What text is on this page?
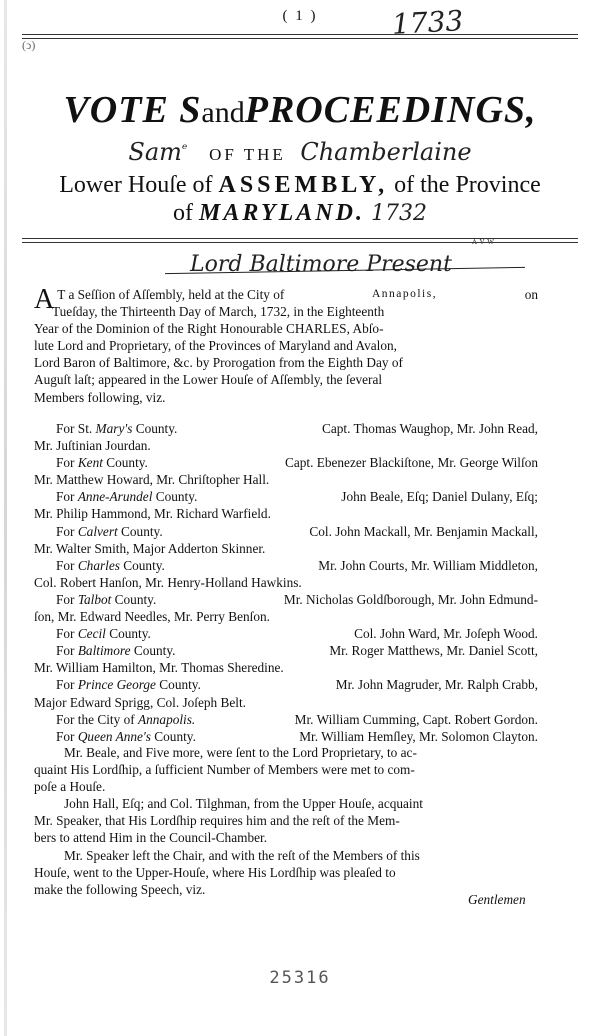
( 1 )	1733
(ↄ)
VOTE SandPROCEEDINGS,
Sam$^ᵉ$ OF THE Chamberlaine
Lower Houſe of ASSEMBLY, of the Province
of MARYLAND. 1732
Lord Baltimore Present
ʌ v w
A T a Seſſion of Aſſembly, held at the City of	Annapolis,	on
Tueſday, the Thirteenth Day of March, 1732, in the Eighteenth
Year of the Dominion of the Right Honourable CHARLES, Abſo-
lute Lord and Proprietary, of the Provinces of Maryland and Avalon,
Lord Baron of Baltimore, &c. by Prorogation from the Eighth Day of
Auguſt laſt; appeared in the Lower Houſe of Aſſembly, the ſeveral
Members following, viz.
For St. Mary's County.	Capt. Thomas Waughop, Mr. John Read,
Mr. Juſtinian Jourdan.
For Kent County.	Capt. Ebenezer Blackiſtone, Mr. George Wilſon
Mr. Matthew Howard, Mr. Chriſtopher Hall.
For Anne-Arundel County.	John Beale, Eſq; Daniel Dulany, Eſq;
Mr. Philip Hammond, Mr. Richard Warfield.
For Calvert County.	Col. John Mackall, Mr. Benjamin Mackall,
Mr. Walter Smith, Major Adderton Skinner.
For Charles County.	Mr. John Courts, Mr. William Middleton,
Col. Robert Hanſon, Mr. Henry-Holland Hawkins.
For Talbot County.	Mr. Nicholas Goldſborough, Mr. John Edmund-
ſon, Mr. Edward Needles, Mr. Perry Benſon.
For Cecil County.	Col. John Ward, Mr. Joſeph Wood.
For Baltimore County.	Mr. Roger Matthews, Mr. Daniel Scott,
Mr. William Hamilton, Mr. Thomas Sheredine.
For Prince George County.	Mr. John Magruder, Mr. Ralph Crabb,
Major Edward Sprigg, Col. Joſeph Belt.
For the City of Annapolis.	Mr. William Cumming, Capt. Robert Gordon.
For Queen Anne's County.	Mr. William Hemſley, Mr. Solomon Clayton.
Mr. Beale, and Five more, were ſent to the Lord Proprietary, to ac-
quaint His Lordſhip, a ſufficient Number of Members were met to com-
poſe a Houſe.
John Hall, Eſq; and Col. Tilghman, from the Upper Houſe, acquaint
Mr. Speaker, that His Lordſhip requires him and the reſt of the Mem-
bers to attend Him in the Council-Chamber.
Mr. Speaker left the Chair, and with the reſt of the Members of this
Houſe, went to the Upper-Houſe, where His Lordſhip was pleaſed to
make the following Speech, viz.
Gentlemen
25316
